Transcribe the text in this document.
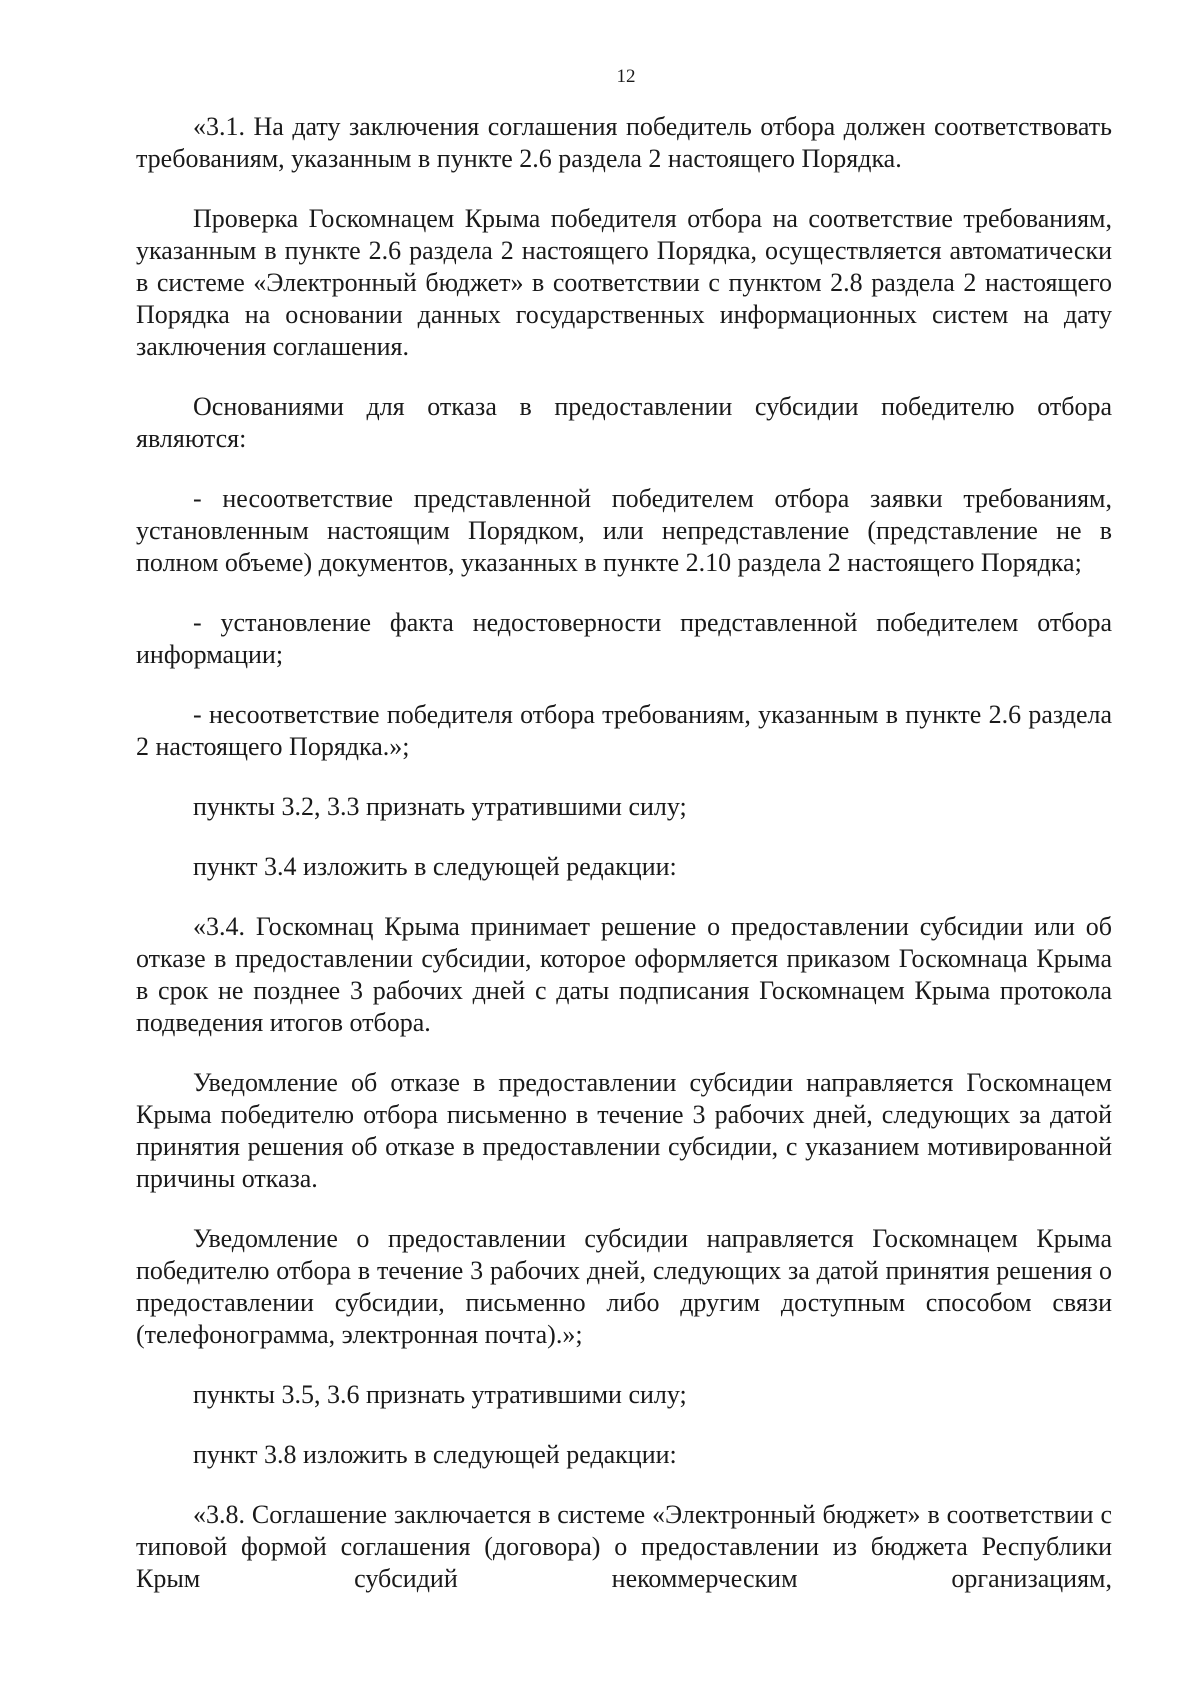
12

«3.1. На дату заключения соглашения победитель отбора должен соответствовать требованиям, указанным в пункте 2.6 раздела 2 настоящего Порядка.

Проверка Госкомнацем Крыма победителя отбора на соответствие требованиям, указанным в пункте 2.6 раздела 2 настоящего Порядка, осуществляется автоматически в системе «Электронный бюджет» в соответствии с пунктом 2.8 раздела 2 настоящего Порядка на основании данных государственных информационных систем на дату заключения соглашения.

Основаниями для отказа в предоставлении субсидии победителю отбора являются:

- несоответствие представленной победителем отбора заявки требованиям, установленным настоящим Порядком, или непредставление (представление не в полном объеме) документов, указанных в пункте 2.10 раздела 2 настоящего Порядка;

- установление факта недостоверности представленной победителем отбора информации;

- несоответствие победителя отбора требованиям, указанным в пункте 2.6 раздела 2 настоящего Порядка.»;

пункты 3.2, 3.3 признать утратившими силу;

пункт 3.4 изложить в следующей редакции:

«3.4. Госкомнац Крыма принимает решение о предоставлении субсидии или об отказе в предоставлении субсидии, которое оформляется приказом Госкомнаца Крыма в срок не позднее 3 рабочих дней с даты подписания Госкомнацем Крыма протокола подведения итогов отбора.

Уведомление об отказе в предоставлении субсидии направляется Госкомнацем Крыма победителю отбора письменно в течение 3 рабочих дней, следующих за датой принятия решения об отказе в предоставлении субсидии, с указанием мотивированной причины отказа.

Уведомление о предоставлении субсидии направляется Госкомнацем Крыма победителю отбора в течение 3 рабочих дней, следующих за датой принятия решения о предоставлении субсидии, письменно либо другим доступным способом связи (телефонограмма, электронная почта).»;

пункты 3.5, 3.6 признать утратившими силу;

пункт 3.8 изложить в следующей редакции:

«3.8. Соглашение заключается в системе «Электронный бюджет» в соответствии с типовой формой соглашения (договора) о предоставлении из бюджета Республики Крым субсидий некоммерческим организациям,
